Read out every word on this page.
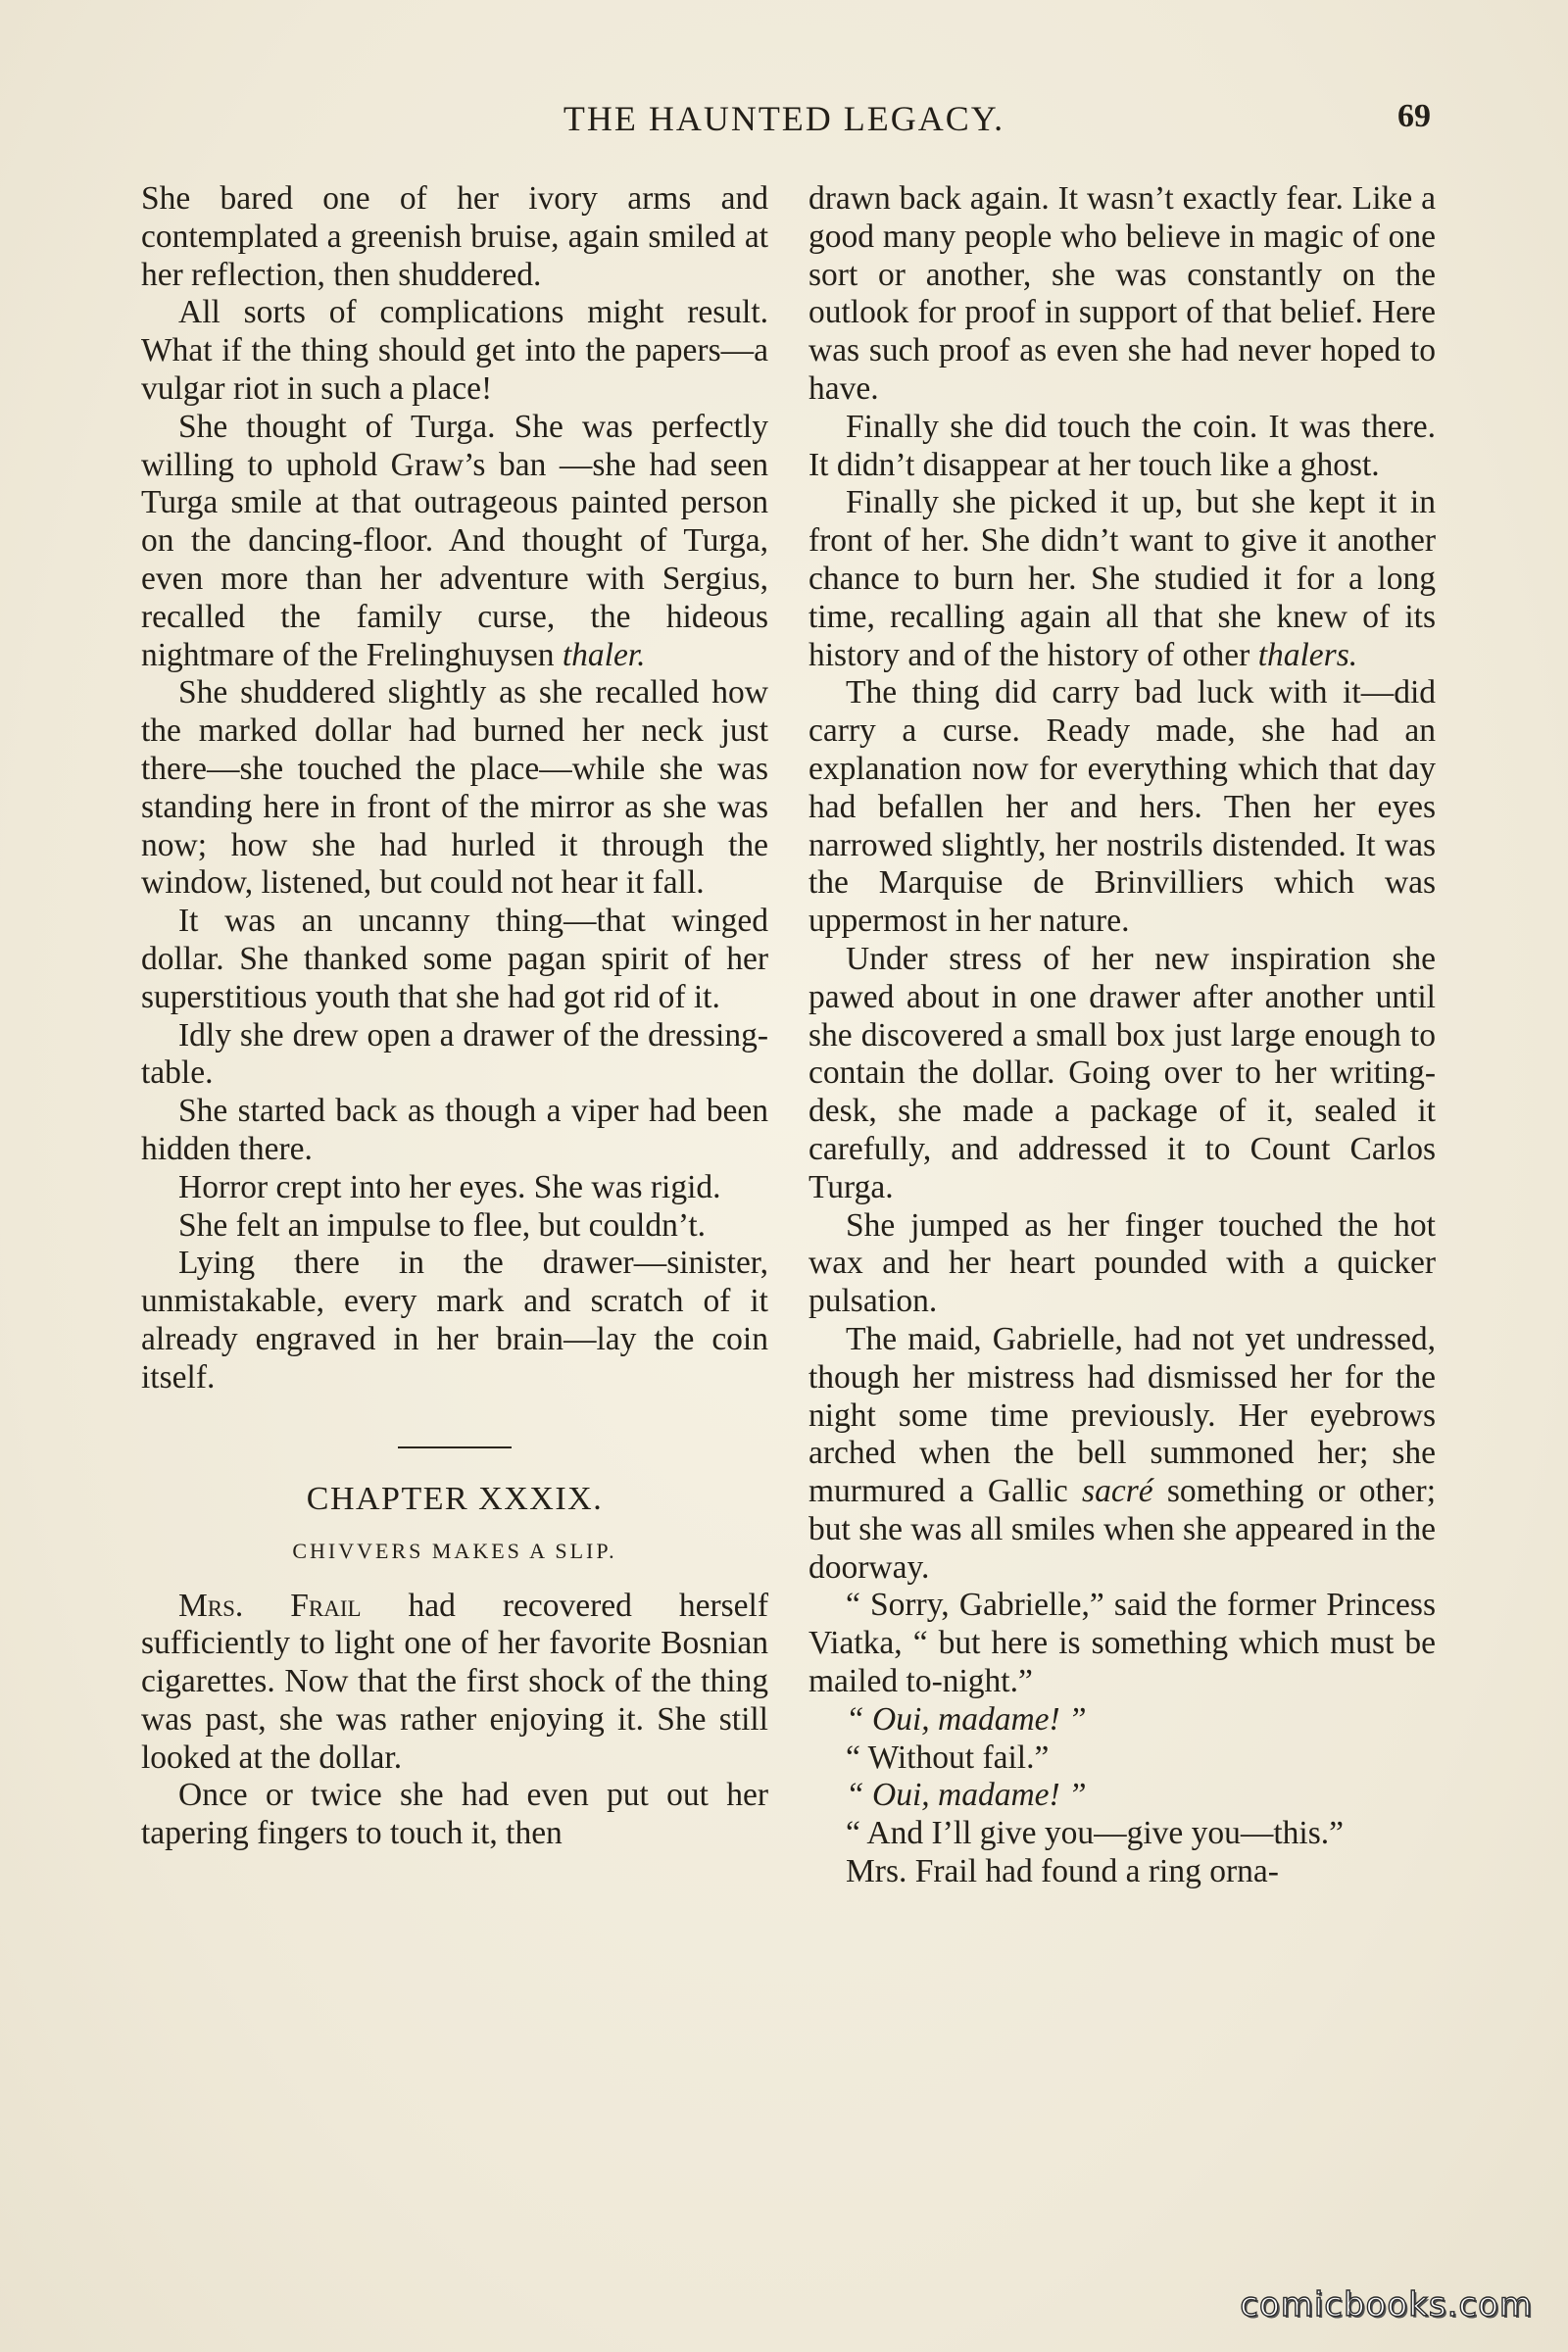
THE HAUNTED LEGACY.	69

She bared one of her ivory arms and contemplated a greenish bruise, again smiled at her reflection, then shuddered.

All sorts of complications might result. What if the thing should get into the papers—a vulgar riot in such a place!

She thought of Turga. She was perfectly willing to uphold Graw’s ban —she had seen Turga smile at that outrageous painted person on the dancing-floor. And thought of Turga, even more than her adventure with Sergius, recalled the family curse, the hideous nightmare of the Frelinghuysen thaler.

She shuddered slightly as she recalled how the marked dollar had burned her neck just there—she touched the place—while she was standing here in front of the mirror as she was now; how she had hurled it through the window, listened, but could not hear it fall.

It was an uncanny thing—that winged dollar. She thanked some pagan spirit of her superstitious youth that she had got rid of it.

Idly she drew open a drawer of the dressing-table.

She started back as though a viper had been hidden there.

Horror crept into her eyes. She was rigid.

She felt an impulse to flee, but couldn’t.

Lying there in the drawer—sinister, unmistakable, every mark and scratch of it already engraved in her brain—lay the coin itself.

CHAPTER XXXIX.
CHIVVERS MAKES A SLIP.

Mrs. Frail had recovered herself sufficiently to light one of her favorite Bosnian cigarettes. Now that the first shock of the thing was past, she was rather enjoying it. She still looked at the dollar.

Once or twice she had even put out her tapering fingers to touch it, then

drawn back again. It wasn’t exactly fear. Like a good many people who believe in magic of one sort or another, she was constantly on the outlook for proof in support of that belief. Here was such proof as even she had never hoped to have.

Finally she did touch the coin. It was there. It didn’t disappear at her touch like a ghost.

Finally she picked it up, but she kept it in front of her. She didn’t want to give it another chance to burn her. She studied it for a long time, recalling again all that she knew of its history and of the history of other thalers.

The thing did carry bad luck with it—did carry a curse. Ready made, she had an explanation now for everything which that day had befallen her and hers. Then her eyes narrowed slightly, her nostrils distended. It was the Marquise de Brinvilliers which was uppermost in her nature.

Under stress of her new inspiration she pawed about in one drawer after another until she discovered a small box just large enough to contain the dollar. Going over to her writing-desk, she made a package of it, sealed it carefully, and addressed it to Count Carlos Turga.

She jumped as her finger touched the hot wax and her heart pounded with a quicker pulsation.

The maid, Gabrielle, had not yet undressed, though her mistress had dismissed her for the night some time previously. Her eyebrows arched when the bell summoned her; she murmured a Gallic sacré something or other; but she was all smiles when she appeared in the doorway.

“ Sorry, Gabrielle,” said the former Princess Viatka, “ but here is something which must be mailed to-night.”

“ Oui, madame! ”

“ Without fail.”

“ Oui, madame! ”

“ And I’ll give you—give you—this.”

Mrs. Frail had found a ring orna-

comicbooks.com
